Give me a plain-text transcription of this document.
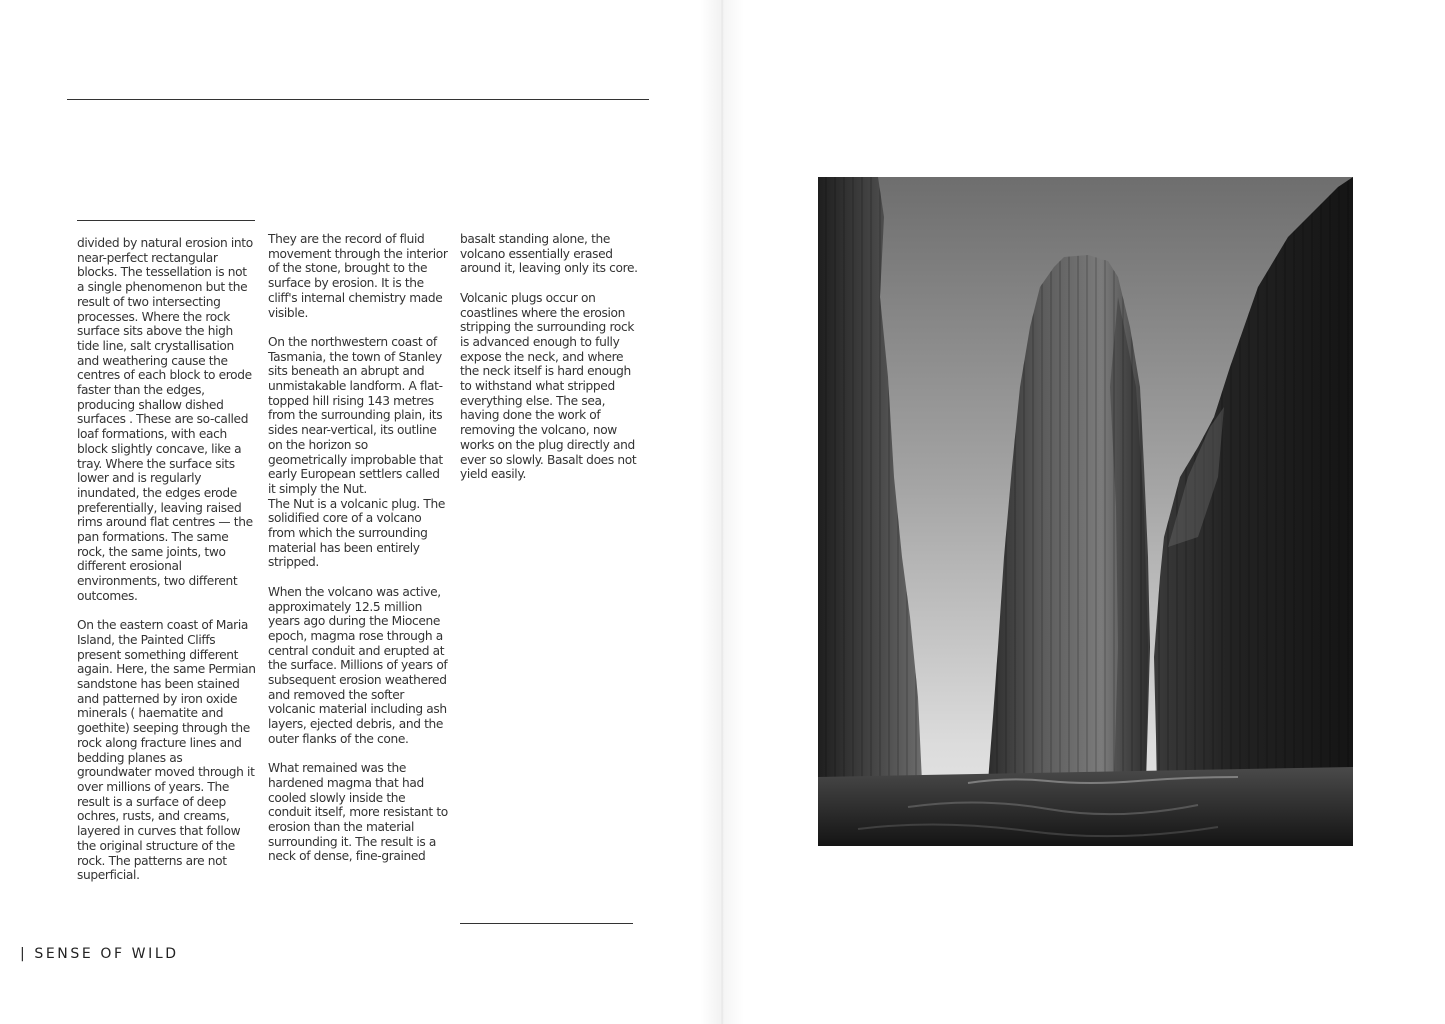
divided by natural erosion into near-perfect rectangular blocks. The tessellation is not a single phenomenon but the result of two intersecting processes. Where the rock surface sits above the high tide line, salt crystallisation and weathering cause the centres of each block to erode faster than the edges, producing shallow dished surfaces . These are so-called loaf formations, with each block slightly concave, like a tray. Where the surface sits lower and is regularly inundated, the edges erode preferentially, leaving raised rims around flat centres — the pan formations. The same rock, the same joints, two different erosional environments, two different outcomes.

On the eastern coast of Maria Island, the Painted Cliffs present something different again. Here, the same Permian sandstone has been stained and patterned by iron oxide minerals ( haematite and goethite) seeping through the rock along fracture lines and bedding planes as groundwater moved through it over millions of years. The result is a surface of deep ochres, rusts, and creams, layered in curves that follow the original structure of the rock. The patterns are not superficial.

They are the record of fluid movement through the interior of the stone, brought to the surface by erosion. It is the cliff's internal chemistry made visible.

On the northwestern coast of Tasmania, the town of Stanley sits beneath an abrupt and unmistakable landform. A flat-topped hill rising 143 metres from the surrounding plain, its sides near-vertical, its outline on the horizon so geometrically improbable that early European settlers called it simply the Nut.
The Nut is a volcanic plug. The solidified core of a volcano from which the surrounding material has been entirely stripped.

When the volcano was active, approximately 12.5 million years ago during the Miocene epoch, magma rose through a central conduit and erupted at the surface. Millions of years of subsequent erosion weathered and removed the softer volcanic material including ash layers, ejected debris, and the outer flanks of the cone.

What remained was the hardened magma that had cooled slowly inside the conduit itself, more resistant to erosion than the material surrounding it. The result is a neck of dense, fine-grained

basalt standing alone, the volcano essentially erased around it, leaving only its core.

Volcanic plugs occur on coastlines where the erosion stripping the surrounding rock is advanced enough to fully expose the neck, and where the neck itself is hard enough to withstand what stripped everything else. The sea, having done the work of removing the volcano, now works on the plug directly and ever so slowly. Basalt does not yield easily.

| SENSE OF WILD
